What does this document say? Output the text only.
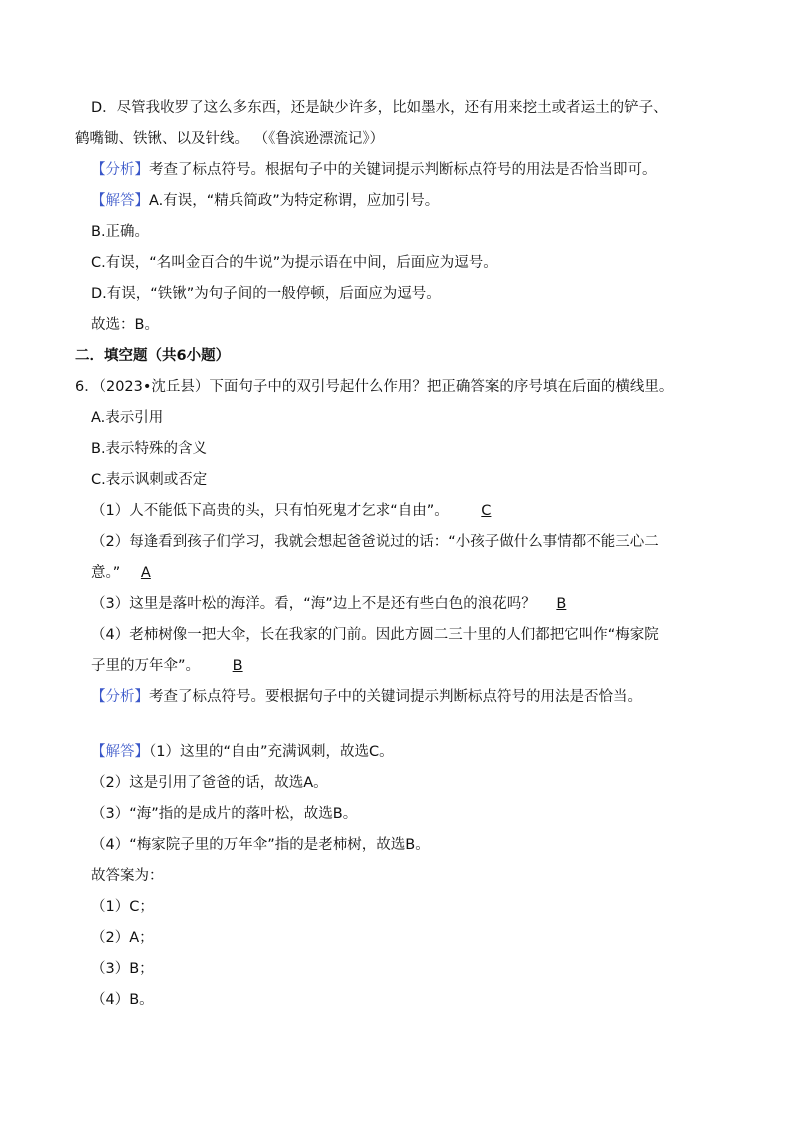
D．尽管我收罗了这么多东西，还是缺少许多，比如墨水，还有用来挖土或者运土的铲子、
鹤嘴锄、铁锹、以及针线。 （《鲁滨逊漂流记》）
【分析】考查了标点符号。根据句子中的关键词提示判断标点符号的用法是否恰当即可。
【解答】A.有误，“精兵简政”为特定称谓，应加引号。
B.正确。
C.有误，“名叫金百合的牛说”为提示语在中间，后面应为逗号。
D.有误，“铁锹”为句子间的一般停顿，后面应为逗号。
故选：B。
二．填空题（共6小题）
6．（2023•沈丘县）下面句子中的双引号起什么作用？把正确答案的序号填在后面的横线里。
A.表示引用
B.表示特殊的含义
C.表示讽刺或否定
（1）人不能低下高贵的头，只有怕死鬼才乞求“自由”。 C
（2）每逢看到孩子们学习，我就会想起爸爸说过的话：“小孩子做什么事情都不能三心二
意。” A
（3）这里是落叶松的海洋。看，“海”边上不是还有些白色的浪花吗？ B
（4）老柿树像一把大伞，长在我家的门前。因此方圆二三十里的人们都把它叫作“梅家院
子里的万年伞”。 B
【分析】考查了标点符号。要根据句子中的关键词提示判断标点符号的用法是否恰当。
【解答】（1）这里的“自由”充满讽刺，故选C。
（2）这是引用了爸爸的话，故选A。
（3）“海”指的是成片的落叶松，故选B。
（4）“梅家院子里的万年伞”指的是老柿树，故选B。
故答案为：
（1）C；
（2）A；
（3）B；
（4）B。
